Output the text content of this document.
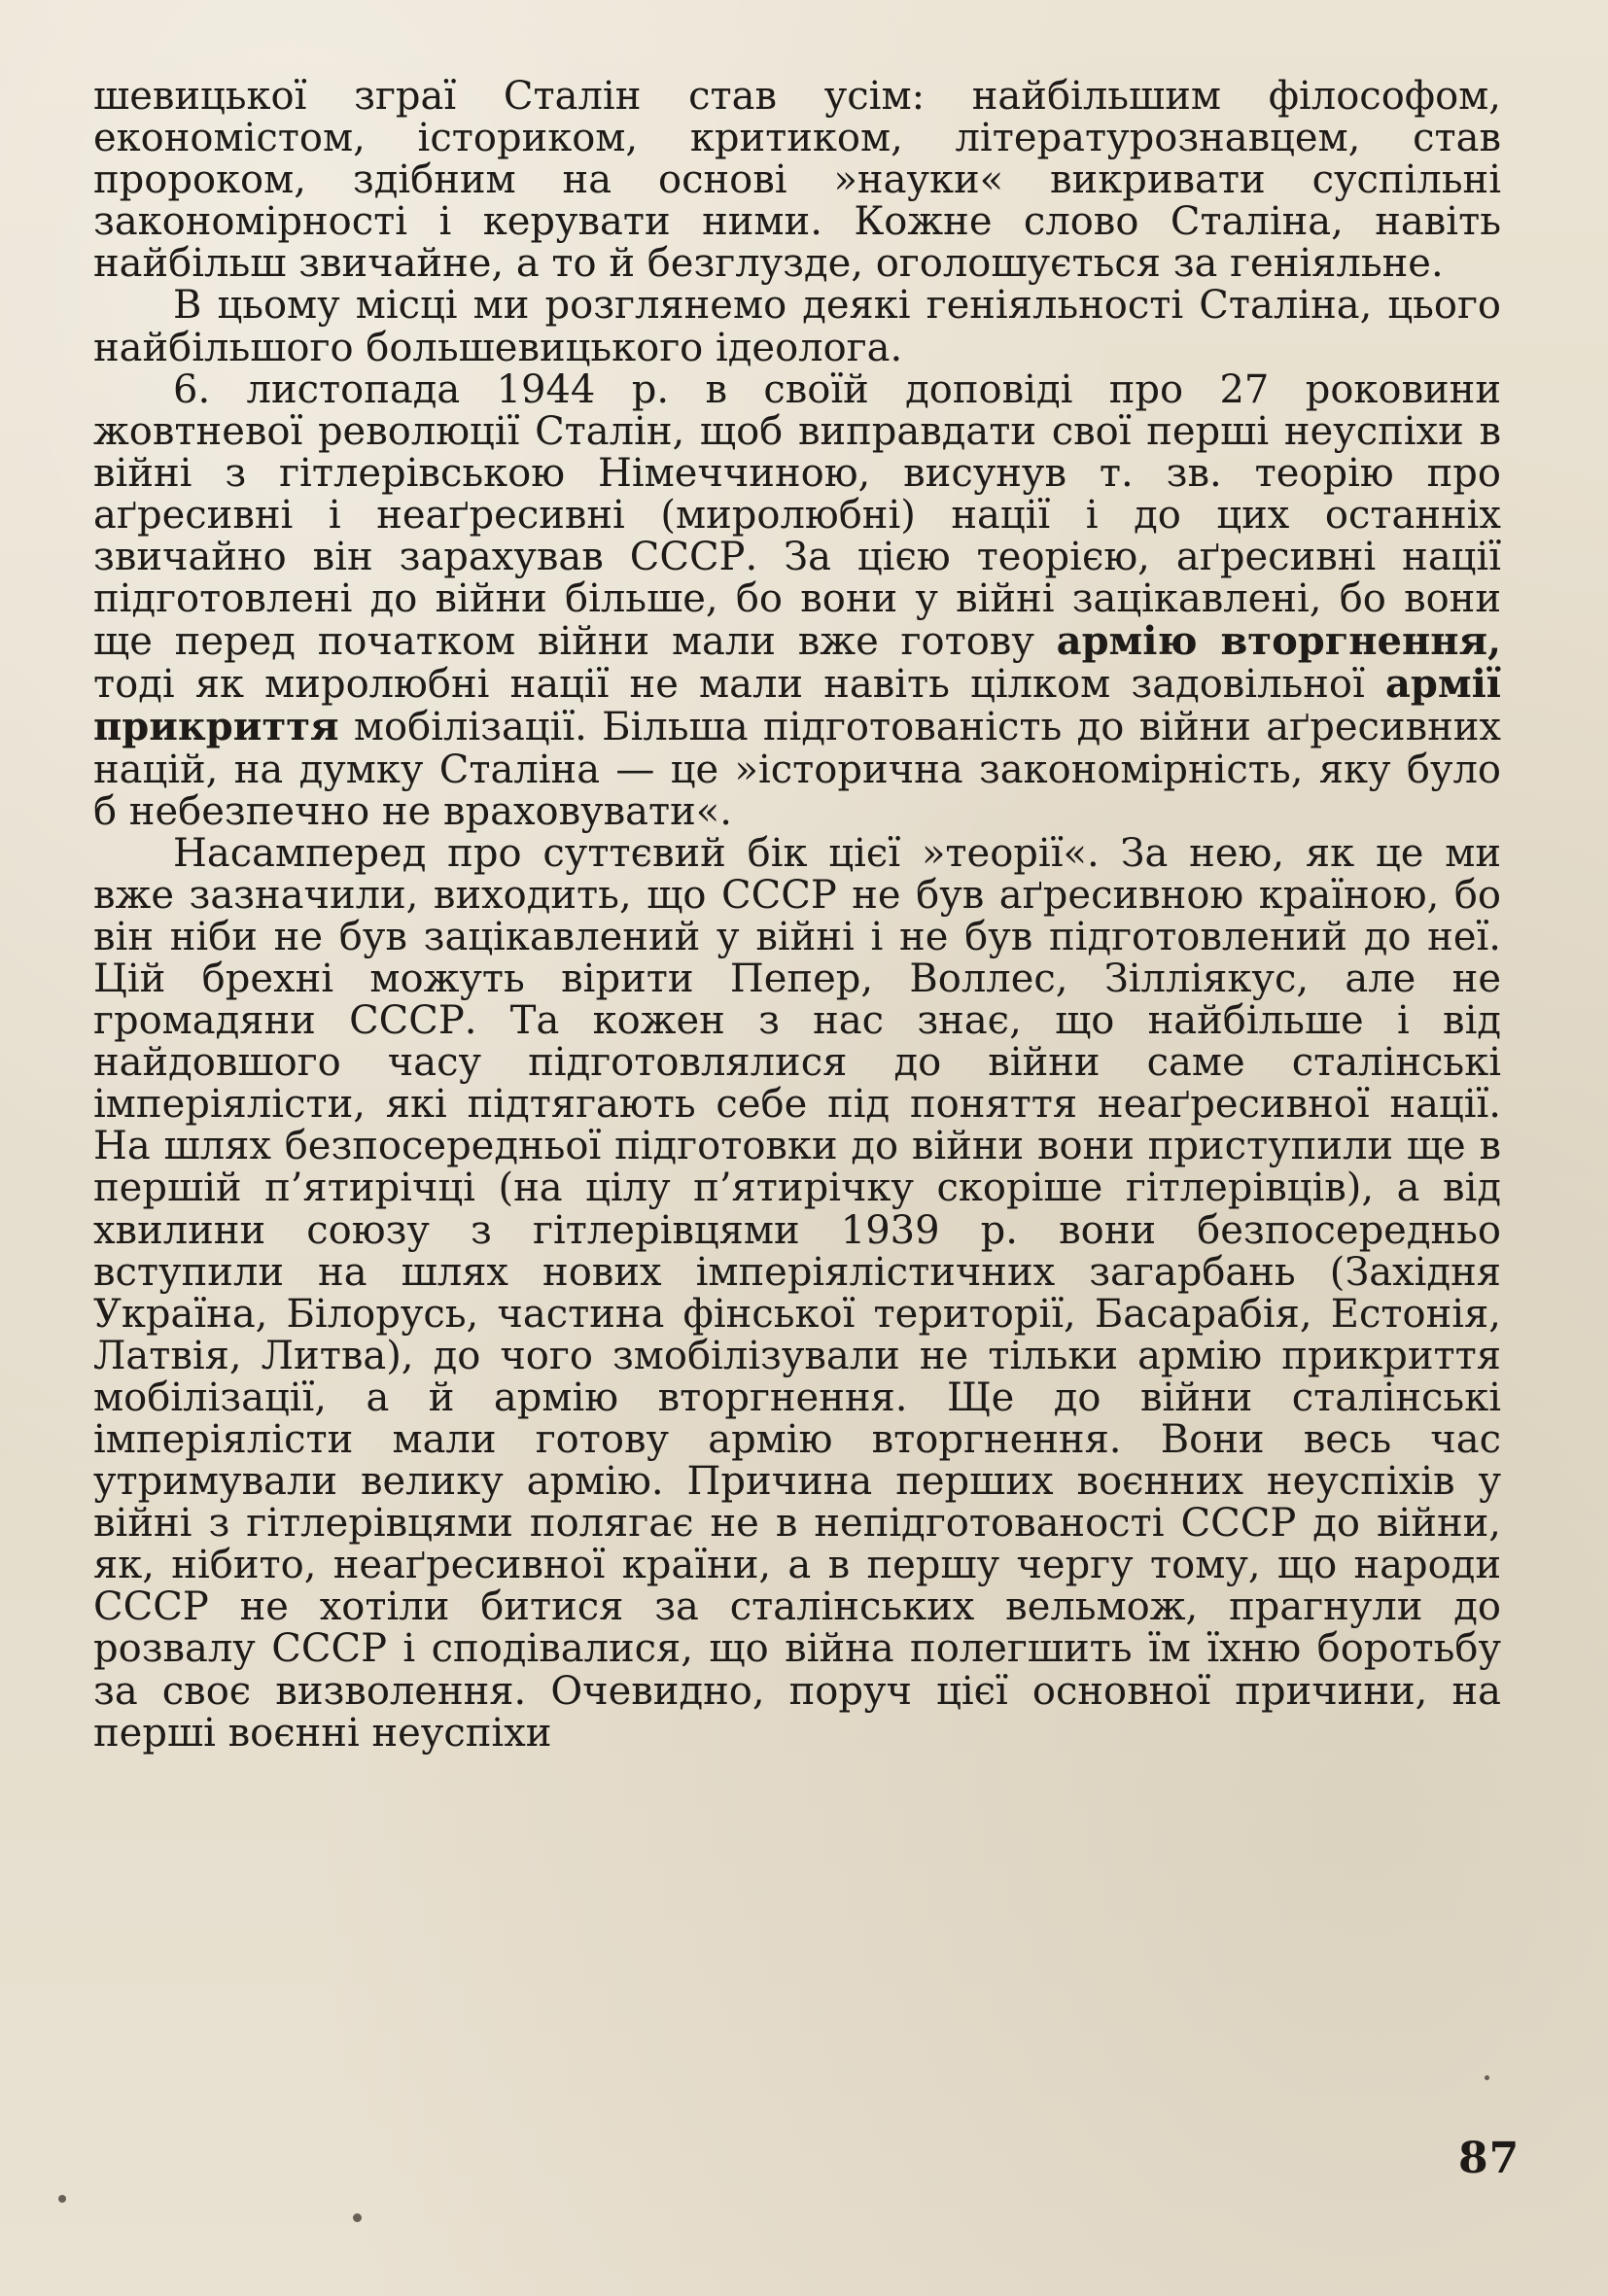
шевицької зграї Сталін став усім: найбільшим філософом, економістом, істориком, критиком, літературознавцем, став пророком, здібним на основі »науки« викривати суспільні закономірності і керувати ними. Кожне слово Сталіна, навіть найбільш звичайне, а то й безглузде, оголошується за геніяльне.

В цьому місці ми розглянемо деякі геніяльності Сталіна, цього найбільшого большевицького ідеолога.

6. листопада 1944 р. в своїй доповіді про 27 роковини жовтневої революції Сталін, щоб виправдати свої перші неуспіхи в війні з гітлерівською Німеччиною, висунув т. зв. теорію про аґресивні і неаґресивні (миролюбні) нації і до цих останніх звичайно він зарахував СССР. За цією теорією, аґресивні нації підготовлені до війни більше, бо вони у війні зацікавлені, бо вони ще перед початком війни мали вже готову армію вторгнення, тоді як миролюбні нації не мали навіть цілком задовільної армії прикриття мобілізації. Більша підготованість до війни аґресивних націй, на думку Сталіна — це »історична закономірність, яку було б небезпечно не враховувати«.

Насамперед про суттєвий бік цієї »теорії«. За нею, як це ми вже зазначили, виходить, що СССР не був аґресивною країною, бо він ніби не був зацікавлений у війні і не був підготовлений до неї. Цій брехні можуть вірити Пепер, Воллес, Зілліякус, але не громадяни СССР. Та кожен з нас знає, що найбільше і від найдовшого часу підготовлялися до війни саме сталінські імперіялісти, які підтягають себе під поняття неаґресивної нації. На шлях безпосередньої підготовки до війни вони приступили ще в першій п’ятирічці (на цілу п’ятирічку скоріше гітлерівців), а від хвилини союзу з гітлерівцями 1939 р. вони безпосередньо вступили на шлях нових імперіялістичних загарбань (Західня Україна, Білорусь, частина фінської території, Басарабія, Естонія, Латвія, Литва), до чого змобілізували не тільки армію прикриття мобілізації, а й армію вторгнення. Ще до війни сталінські імперіялісти мали готову армію вторгнення. Вони весь час утримували велику армію. Причина перших воєнних неуспіхів у війні з гітлерівцями полягає не в непідготованості СССР до війни, як, нібито, неаґресивної країни, а в першу чергу тому, що народи СССР не хотіли битися за сталінських вельмож, прагнули до розвалу СССР і сподівалися, що війна полегшить їм їхню боротьбу за своє визволення. Очевидно, поруч цієї основної причини, на перші воєнні неуспіхи

87
